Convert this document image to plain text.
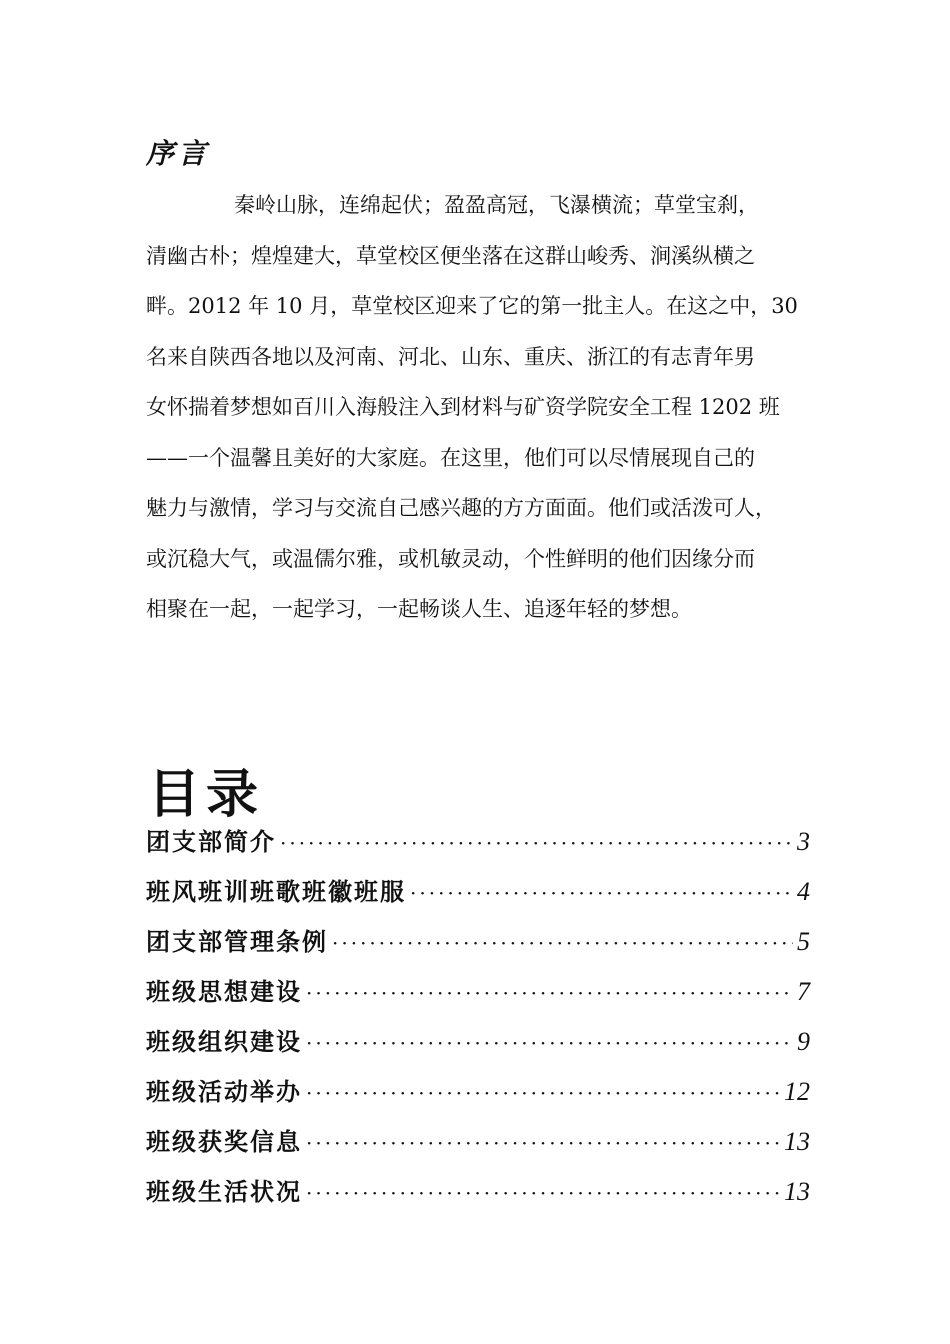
序言
秦岭山脉，连绵起伏；盈盈高冠，飞瀑横流；草堂宝刹，
清幽古朴；煌煌建大，草堂校区便坐落在这群山峻秀、涧溪纵横之
畔。2012 年 10 月，草堂校区迎来了它的第一批主人。在这之中，30
名来自陕西各地以及河南、河北、山东、重庆、浙江的有志青年男
女怀揣着梦想如百川入海般注入到材料与矿资学院安全工程 1202 班
——一个温馨且美好的大家庭。在这里，他们可以尽情展现自己的
魅力与激情，学习与交流自己感兴趣的方方面面。他们或活泼可人，
或沉稳大气，或温儒尔雅，或机敏灵动，个性鲜明的他们因缘分而
相聚在一起，一起学习，一起畅谈人生、追逐年轻的梦想。
目录
团支部简介 ·····	3
班风班训班歌班徽班服 ·····	4
团支部管理条例 ·····	5
班级思想建设 ·····	7
班级组织建设 ·····	9
班级活动举办 ·····	12
班级获奖信息 ·····	13
班级生活状况 ·····	13
